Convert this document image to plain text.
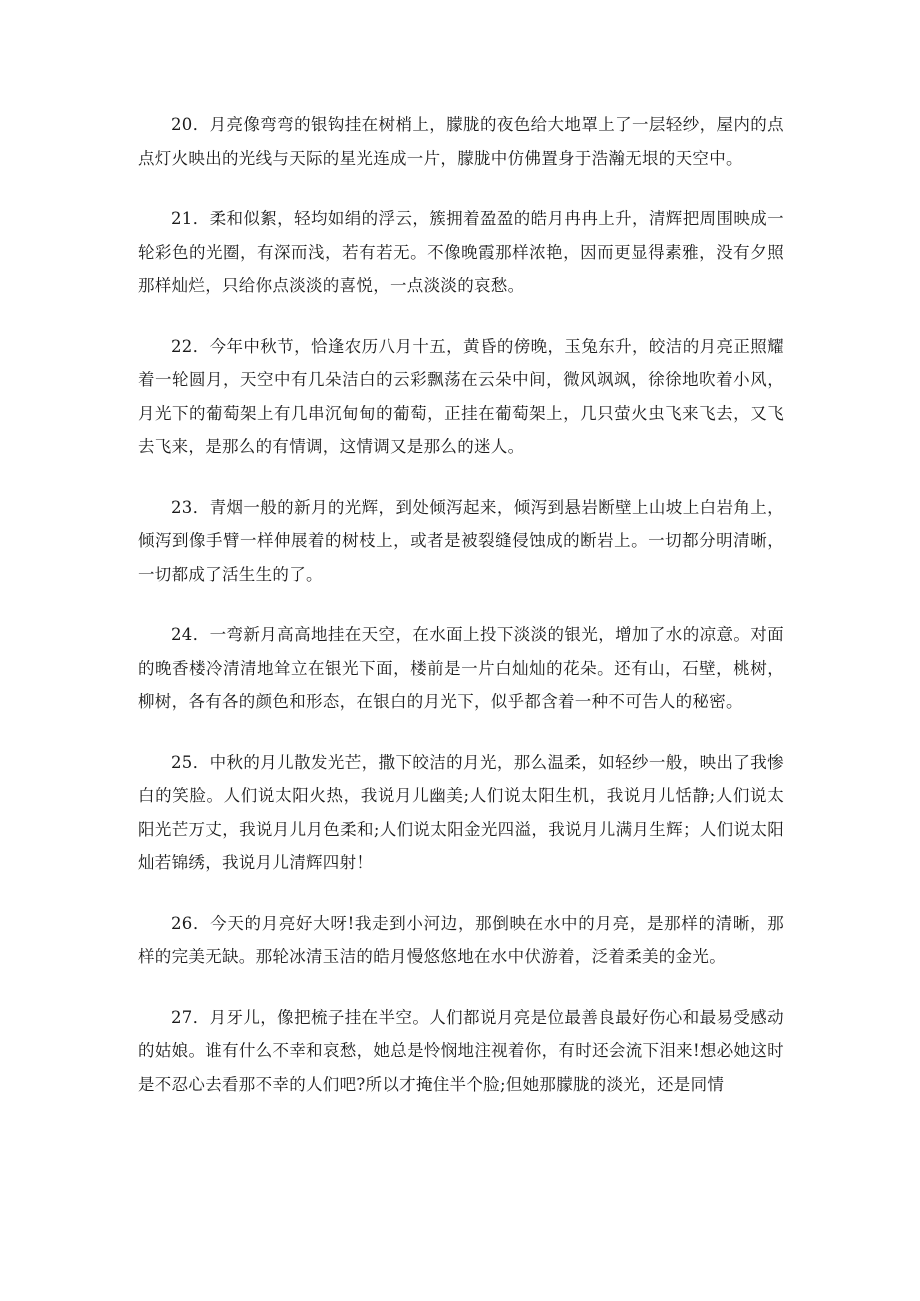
20．月亮像弯弯的银钩挂在树梢上，朦胧的夜色给大地罩上了一层轻纱，屋内的点点灯火映出的光线与天际的星光连成一片，朦胧中仿佛置身于浩瀚无垠的天空中。

21．柔和似絮，轻均如绢的浮云，簇拥着盈盈的皓月冉冉上升，清辉把周围映成一轮彩色的光圈，有深而浅，若有若无。不像晚霞那样浓艳，因而更显得素雅，没有夕照那样灿烂，只给你点淡淡的喜悦，一点淡淡的哀愁。

22．今年中秋节，恰逢农历八月十五，黄昏的傍晚，玉兔东升，皎洁的月亮正照耀着一轮圆月，天空中有几朵洁白的云彩飘荡在云朵中间，微风飒飒，徐徐地吹着小风，月光下的葡萄架上有几串沉甸甸的葡萄，正挂在葡萄架上，几只萤火虫飞来飞去，又飞去飞来，是那么的有情调，这情调又是那么的迷人。

23．青烟一般的新月的光辉，到处倾泻起来，倾泻到悬岩断壁上山坡上白岩角上，倾泻到像手臂一样伸展着的树枝上，或者是被裂缝侵蚀成的断岩上。一切都分明清晰，一切都成了活生生的了。

24．一弯新月高高地挂在天空，在水面上投下淡淡的银光，增加了水的凉意。对面的晚香楼冷清清地耸立在银光下面，楼前是一片白灿灿的花朵。还有山，石壁，桃树，柳树，各有各的颜色和形态，在银白的月光下，似乎都含着一种不可告人的秘密。

25．中秋的月儿散发光芒，撒下皎洁的月光，那么温柔，如轻纱一般，映出了我惨白的笑脸。人们说太阳火热，我说月儿幽美;人们说太阳生机，我说月儿恬静;人们说太阳光芒万丈，我说月儿月色柔和;人们说太阳金光四溢，我说月儿满月生辉；人们说太阳灿若锦绣，我说月儿清辉四射！

26．今天的月亮好大呀!我走到小河边，那倒映在水中的月亮，是那样的清晰，那样的完美无缺。那轮冰清玉洁的皓月慢悠悠地在水中伏游着，泛着柔美的金光。

27．月牙儿，像把梳子挂在半空。人们都说月亮是位最善良最好伤心和最易受感动的姑娘。谁有什么不幸和哀愁，她总是怜悯地注视着你，有时还会流下泪来!想必她这时是不忍心去看那不幸的人们吧?所以才掩住半个脸;但她那朦胧的淡光，还是同情
